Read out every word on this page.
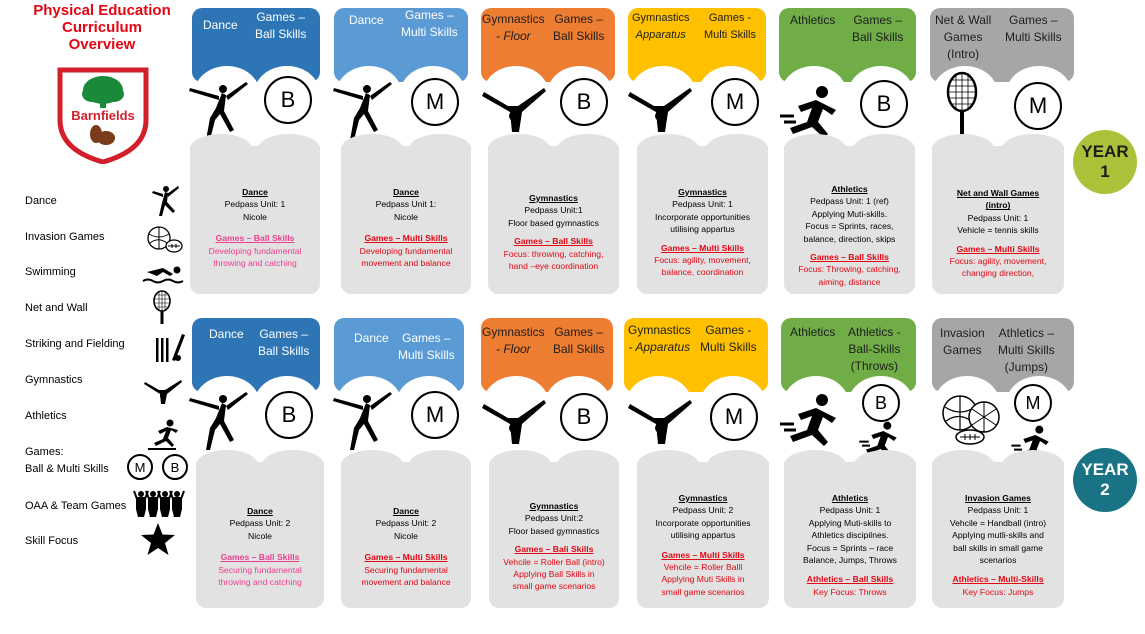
Physical Education
Curriculum
Overview
Barnfields
Dance
Invasion Games
Swimming
Net and Wall
Striking and Fielding
Gymnastics
Athletics
Games:
Ball & Multi Skills
OAA & Team Games
Skill Focus
M	B
YEAR
1
YEAR
2
Dance
Games –
Ball Skills
Dance	Games –
Multi Skills
Gymnastics
- Floor
Games –
Ball Skills
Gymnastics
Apparatus
Games -
Multi Skills
Athletics Games –
Ball Skills
Net & Wall
Games
(Intro)
Games –
Multi Skills
B	M	B	M	B	M
Dance
Pedpass Unit: 1
Nicole
Games – Ball Skills
Developing fundamental
throwing and catching
Dance
Pedpass Unit 1:
Nicole
Games – Multi Skills
Developing fundamental
movement and balance
Gymnastics
Pedpass Unit:1
Floor based gymnastics
Games – Ball Skills
Focus: throwing, catching,
hand –eye coordination
Gymnastics
Pedpass Unit: 1
Incorporate opportunities
utilising appartus
Games – Multi Skills
Focus: agility, movement,
balance, coordination
Athletics
Pedpass Unit: 1 (ref)
Applying Muti-skills.
Focus = Sprints, races,
balance, direction, skips
Games – Ball Skills
Focus: Throwing, catching,
aiming, distance
Net and Wall Games
(intro)
Pedpass Unit: 1
Vehicle = tennis skills
Games – Multi Skills
Focus: agility, movement,
changing direction,
Dance Games –
Ball Skills
Dance	Games –
Multi Skills
Gymnastics
- Floor
Games –
Ball Skills
Gymnastics
- Apparatus
Games -
Multi Skills
Athletics Athletics -
Ball-Skills
(Throws)
Invasion
Games
Athletics –
Multi Skills
(Jumps)
B	M	B	M
B	M
Dance
Pedpass Unit: 2
Nicole
Games – Ball Skills
Securing fundamental
throwing and catching
Dance
Pedpass Unit: 2
Nicole
Games – Multi Skills
Securing fundamental
movement and balance
Gymnastics
Pedpass Unit:2
Floor based gymnastics
Games – Bali Skills
Vehcile = Roller Ball (intro)
Applying Ball Skills in
small game scenarios
Gymnastics
Pedpass Unit: 2
Incorporate opportunities
utilising appartus
Games – Multi Skills
Vehcile = Roller Balll
Applying Muti Skills in
small game scenarios
Athletics
Pedpass Unit: 1
Applying Muti-skills to
Athletics discipilnes.
Focus = Sprints – race
Balance, Jumps, Throws
Athletics – Ball Skills
Key Focus: Throws
Invasion Games
Pedpass Unit: 1
Vehcile = Handball (intro)
Applying mutli-skills and
ball skills in small game
scenarios
Athletics – Multi-Skills
Key Focus: Jumps
